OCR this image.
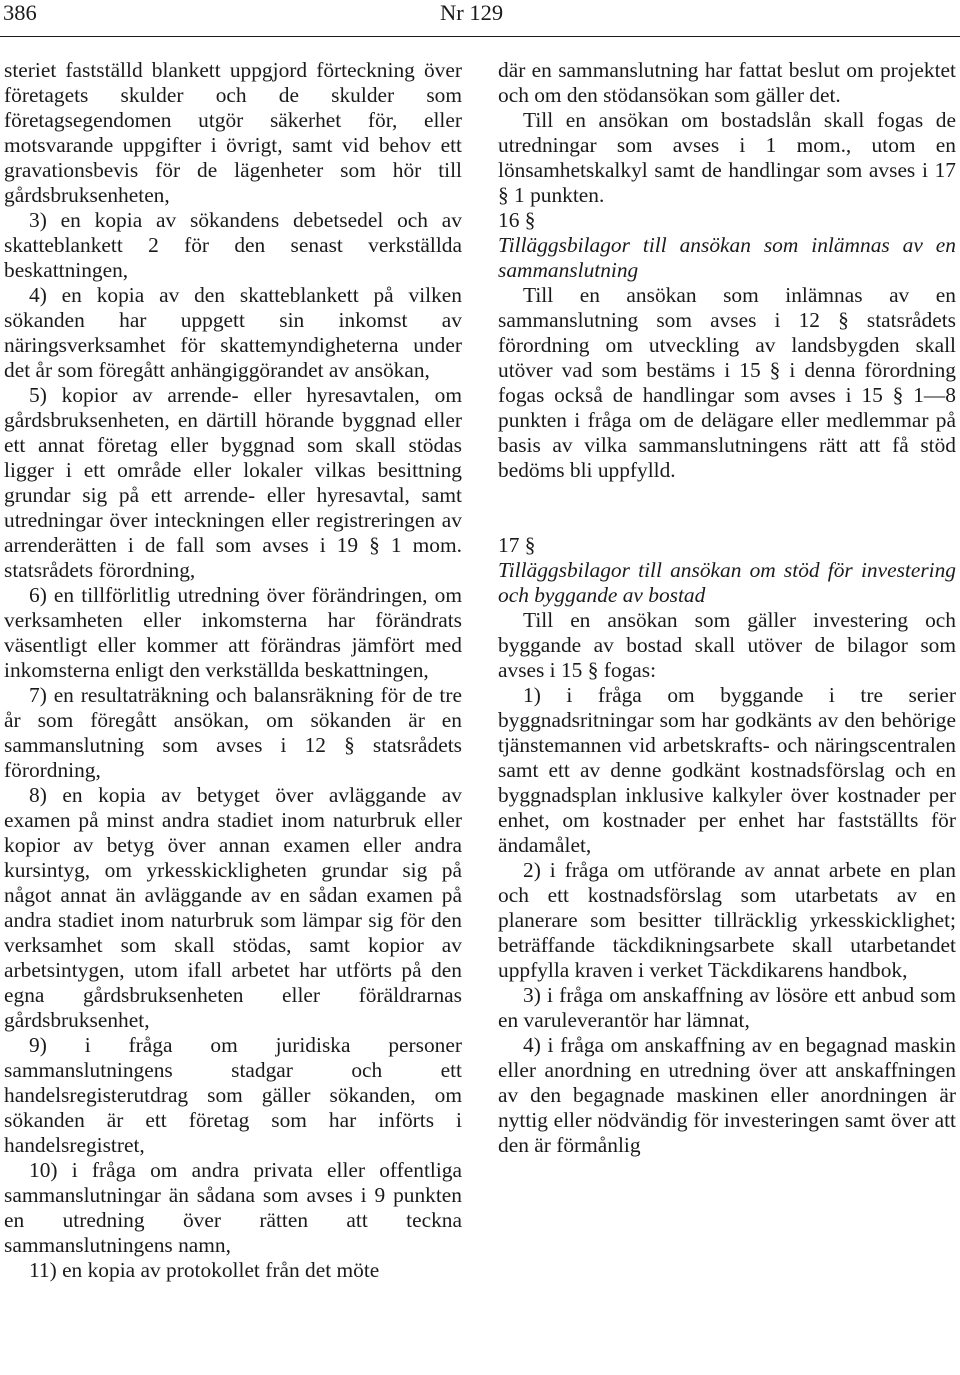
386	Nr 129

steriet fastställd blankett uppgjord förteckning över företagets skulder och de skulder som företagsegendomen utgör säkerhet för, eller motsvarande uppgifter i övrigt, samt vid behov ett gravationsbevis för de lägenheter som hör till gårdsbruksenheten,

3) en kopia av sökandens debetsedel och av skatteblankett 2 för den senast verkställda beskattningen,

4) en kopia av den skatteblankett på vilken sökanden har uppgett sin inkomst av näringsverksamhet för skattemyndigheterna under det år som föregått anhängiggörandet av ansökan,

5) kopior av arrende- eller hyresavtalen, om gårdsbruksenheten, en därtill hörande byggnad eller ett annat företag eller byggnad som skall stödas ligger i ett område eller lokaler vilkas besittning grundar sig på ett arrende- eller hyresavtal, samt utredningar över inteckningen eller registreringen av arrenderätten i de fall som avses i 19 § 1 mom. statsrådets förordning,

6) en tillförlitlig utredning över förändringen, om verksamheten eller inkomsterna har förändrats väsentligt eller kommer att förändras jämfört med inkomsterna enligt den verkställda beskattningen,

7) en resultaträkning och balansräkning för de tre år som föregått ansökan, om sökanden är en sammanslutning som avses i 12 § statsrådets förordning,

8) en kopia av betyget över avläggande av examen på minst andra stadiet inom naturbruk eller kopior av betyg över annan examen eller andra kursintyg, om yrkesskickligheten grundar sig på något annat än avläggande av en sådan examen på andra stadiet inom naturbruk som lämpar sig för den verksamhet som skall stödas, samt kopior av arbetsintygen, utom ifall arbetet har utförts på den egna gårdsbruksenheten eller föräldrarnas gårdsbruksenhet,

9) i fråga om juridiska personer sammanslutningens stadgar och ett handelsregisterutdrag som gäller sökanden, om sökanden är ett företag som har införts i handelsregistret,

10) i fråga om andra privata eller offentliga sammanslutningar än sådana som avses i 9 punkten en utredning över rätten att teckna sammanslutningens namn,

11) en kopia av protokollet från det möte

där en sammanslutning har fattat beslut om projektet och om den stödansökan som gäller det.

Till en ansökan om bostadslån skall fogas de utredningar som avses i 1 mom., utom en lönsamhetskalkyl samt de handlingar som avses i 17 § 1 punkten.

16 §

Tilläggsbilagor till ansökan som inlämnas av en sammanslutning

Till en ansökan som inlämnas av en sammanslutning som avses i 12 § statsrådets förordning om utveckling av landsbygden skall utöver vad som bestäms i 15 § i denna förordning fogas också de handlingar som avses i 15 § 1—8 punkten i fråga om de delägare eller medlemmar på basis av vilka sammanslutningens rätt att få stöd bedöms bli uppfylld.

17 §

Tilläggsbilagor till ansökan om stöd för investering och byggande av bostad

Till en ansökan som gäller investering och byggande av bostad skall utöver de bilagor som avses i 15 § fogas:

1) i fråga om byggande i tre serier byggnadsritningar som har godkänts av den behörige tjänstemannen vid arbetskrafts- och näringscentralen samt ett av denne godkänt kostnadsförslag och en byggnadsplan inklusive kalkyler över kostnader per enhet, om kostnader per enhet har fastställts för ändamålet,

2) i fråga om utförande av annat arbete en plan och ett kostnadsförslag som utarbetats av en planerare som besitter tillräcklig yrkesskicklighet; beträffande täckdikningsarbete skall utarbetandet uppfylla kraven i verket Täckdikarens handbok,

3) i fråga om anskaffning av lösöre ett anbud som en varuleverantör har lämnat,

4) i fråga om anskaffning av en begagnad maskin eller anordning en utredning över att anskaffningen av den begagnade maskinen eller anordningen är nyttig eller nödvändig för investeringen samt över att den är förmånlig
